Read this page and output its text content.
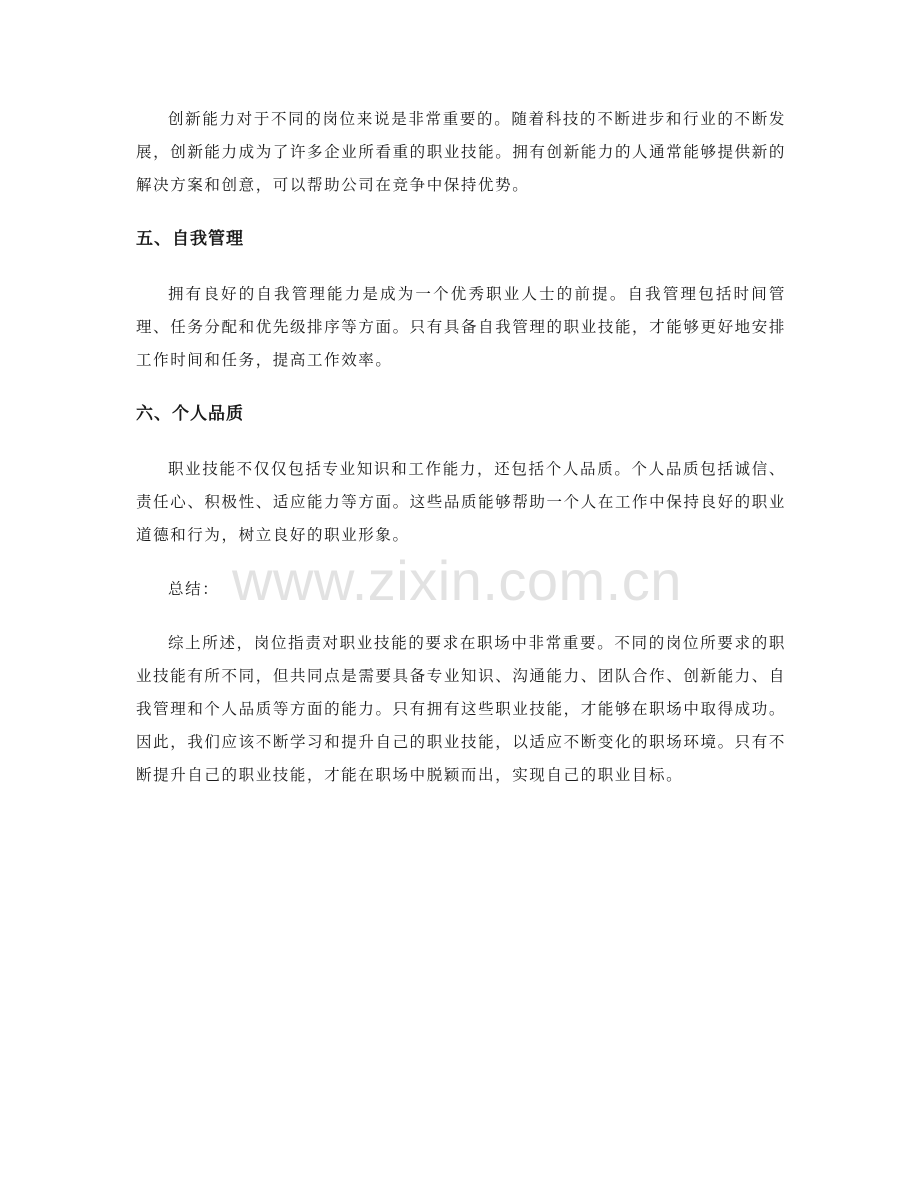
创新能力对于不同的岗位来说是非常重要的。随着科技的不断进步和行业的不断发展，创新能力成为了许多企业所看重的职业技能。拥有创新能力的人通常能够提供新的解决方案和创意，可以帮助公司在竞争中保持优势。

五、自我管理

拥有良好的自我管理能力是成为一个优秀职业人士的前提。自我管理包括时间管理、任务分配和优先级排序等方面。只有具备自我管理的职业技能，才能够更好地安排工作时间和任务，提高工作效率。

六、个人品质

职业技能不仅仅包括专业知识和工作能力，还包括个人品质。个人品质包括诚信、责任心、积极性、适应能力等方面。这些品质能够帮助一个人在工作中保持良好的职业道德和行为，树立良好的职业形象。

总结：

综上所述，岗位指责对职业技能的要求在职场中非常重要。不同的岗位所要求的职业技能有所不同，但共同点是需要具备专业知识、沟通能力、团队合作、创新能力、自我管理和个人品质等方面的能力。只有拥有这些职业技能，才能够在职场中取得成功。因此，我们应该不断学习和提升自己的职业技能，以适应不断变化的职场环境。只有不断提升自己的职业技能，才能在职场中脱颖而出，实现自己的职业目标。

www.zixin.com.cn
